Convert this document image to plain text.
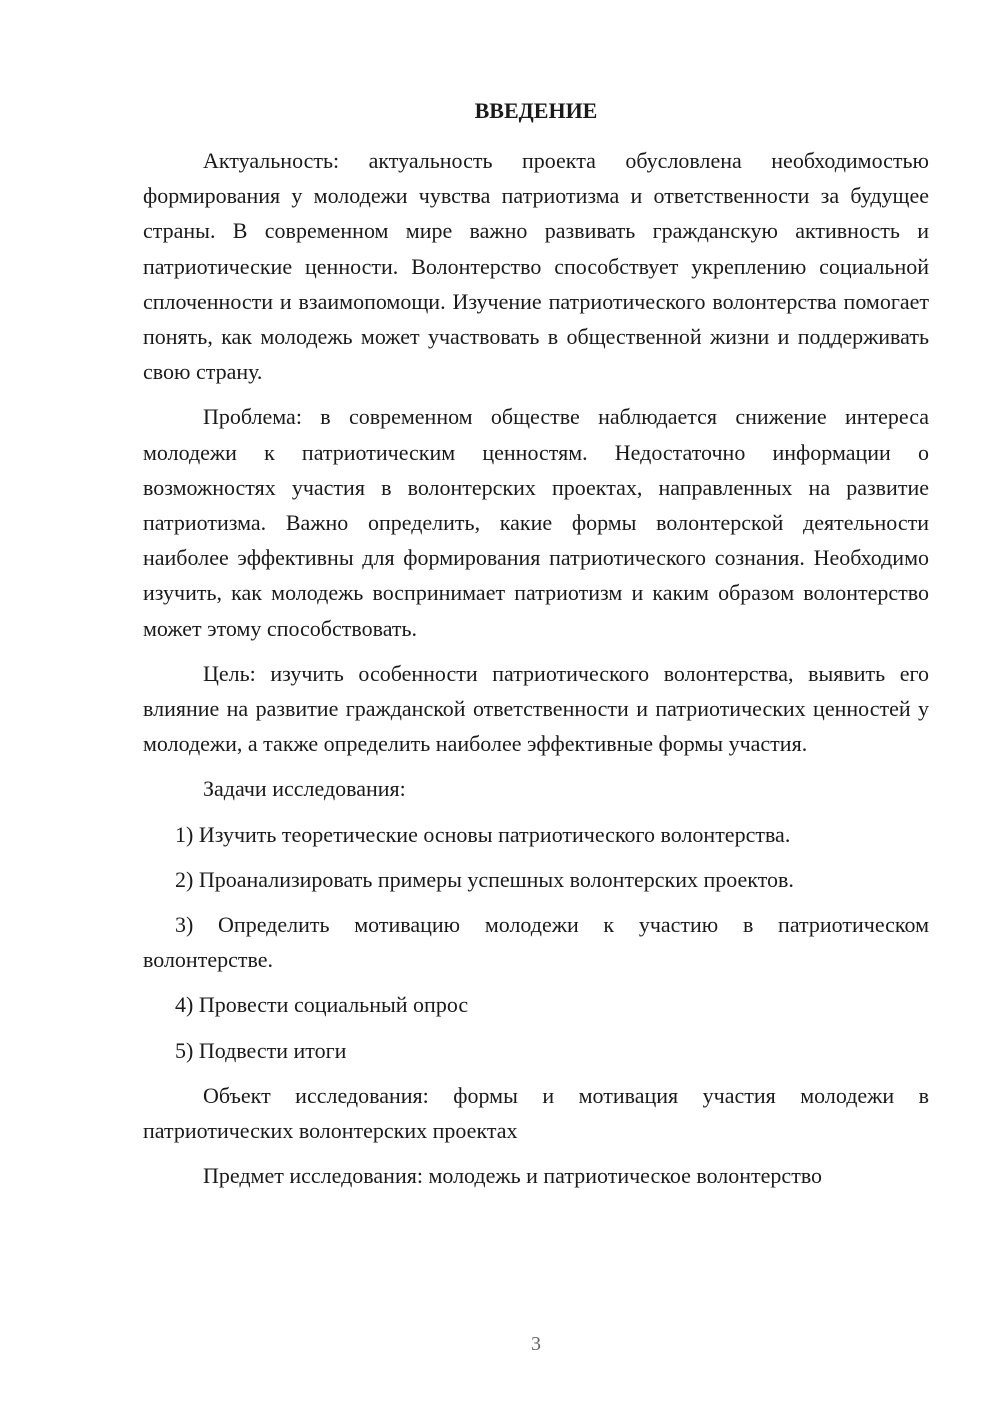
ВВЕДЕНИЕ

Актуальность: актуальность проекта обусловлена необходимостью формирования у молодежи чувства патриотизма и ответственности за будущее страны. В современном мире важно развивать гражданскую активность и патриотические ценности. Волонтерство способствует укреплению социальной сплоченности и взаимопомощи. Изучение патриотического волонтерства помогает понять, как молодежь может участвовать в общественной жизни и поддерживать свою страну.

Проблема: в современном обществе наблюдается снижение интереса молодежи к патриотическим ценностям. Недостаточно информации о возможностях участия в волонтерских проектах, направленных на развитие патриотизма. Важно определить, какие формы волонтерской деятельности наиболее эффективны для формирования патриотического сознания. Необходимо изучить, как молодежь воспринимает патриотизм и каким образом волонтерство может этому способствовать.

Цель: изучить особенности патриотического волонтерства, выявить его влияние на развитие гражданской ответственности и патриотических ценностей у молодежи, а также определить наиболее эффективные формы участия.

Задачи исследования:

1) Изучить теоретические основы патриотического волонтерства.

2) Проанализировать примеры успешных волонтерских проектов.

3) Определить мотивацию молодежи к участию в патриотическом волонтерстве.

4) Провести социальный опрос

5) Подвести итоги

Объект исследования: формы и мотивация участия молодежи в патриотических волонтерских проектах

Предмет исследования: молодежь и патриотическое волонтерство

3
